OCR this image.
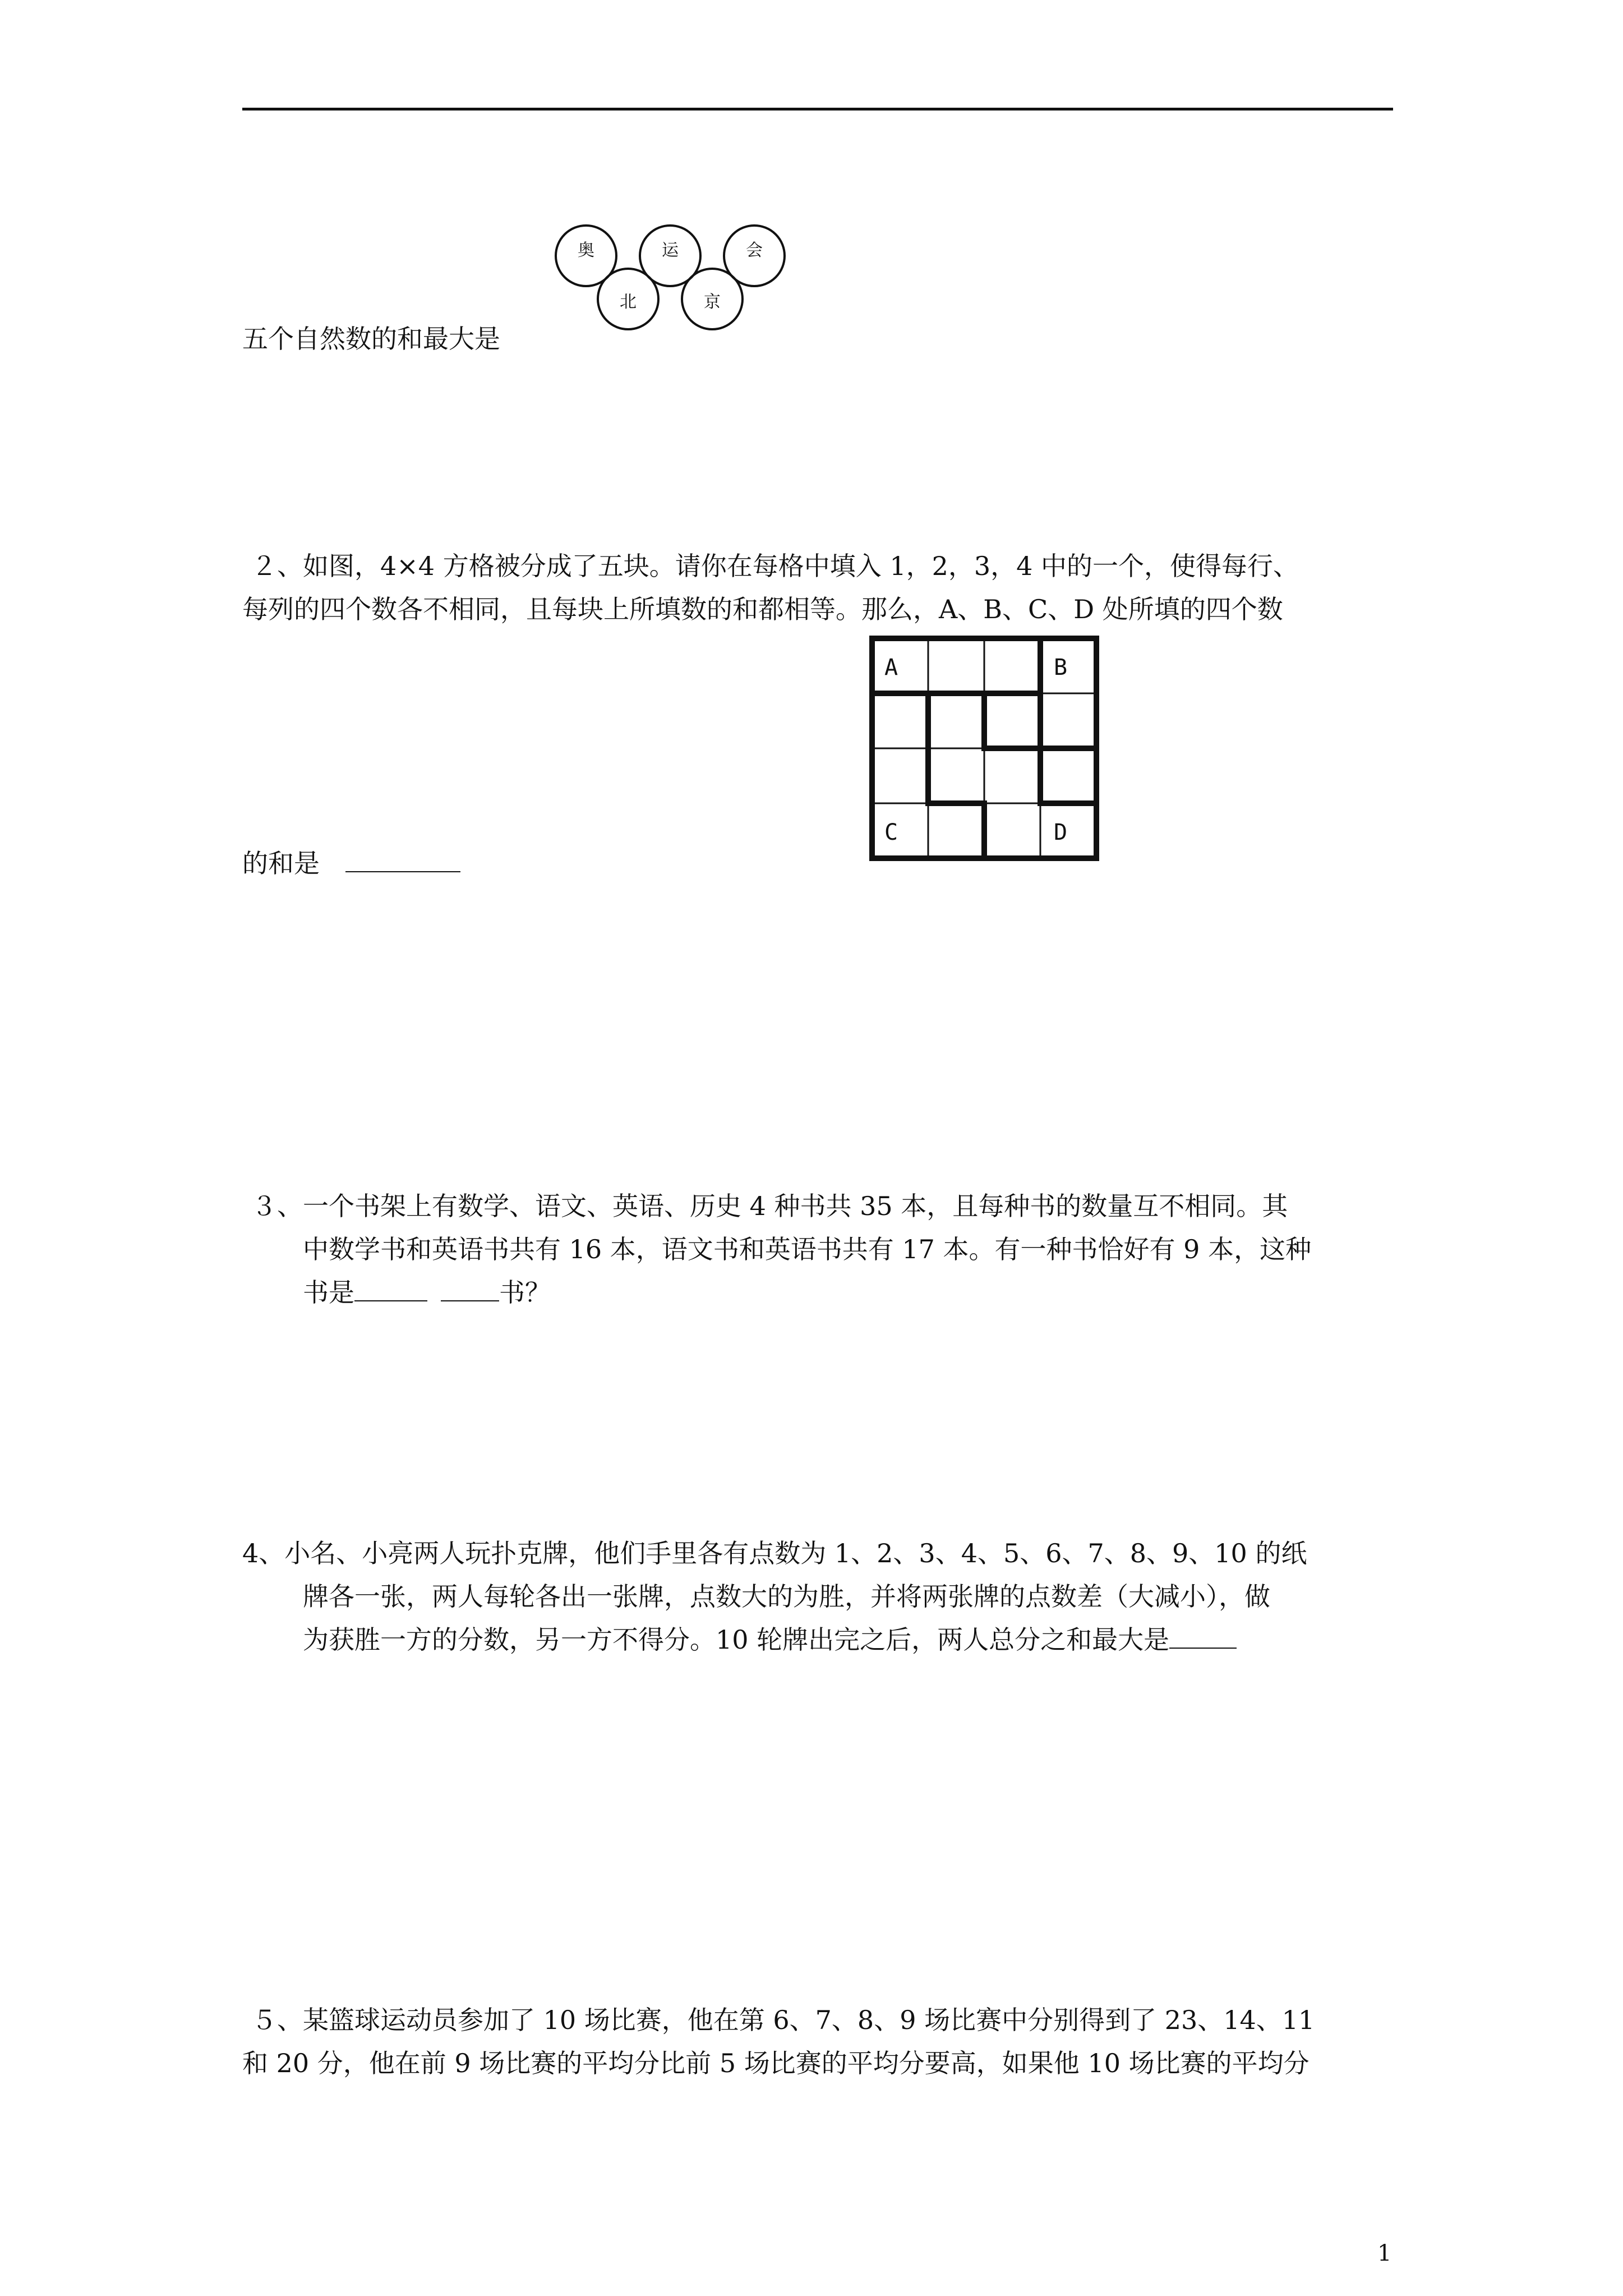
奥	运	会
北	京
五个自然数的和最大是
２、如图，4×4 方格被分成了五块。请你在每格中填入 1，2，3，4 中的一个，使得每行、
每列的四个数各不相同，且每块上所填数的和都相等。那么，A、B、C、D 处所填的四个数
的和是
A	B
C	D
３、一个书架上有数学、语文、英语、历史 4 种书共 35 本，且每种书的数量互不相同。其
中数学书和英语书共有 16 本，语文书和英语书共有 17 本。有一种书恰好有 9 本，这种
书是	书？
4、小名、小亮两人玩扑克牌，他们手里各有点数为 1、2、3、4、5、6、7、8、9、10 的纸
牌各一张，两人每轮各出一张牌，点数大的为胜，并将两张牌的点数差（大减小），做
为获胜一方的分数，另一方不得分。10 轮牌出完之后，两人总分之和最大是
５、某篮球运动员参加了 10 场比赛，他在第 6、7、8、9 场比赛中分别得到了 23、14、11
和 20 分，他在前 9 场比赛的平均分比前 5 场比赛的平均分要高，如果他 10 场比赛的平均分
1
